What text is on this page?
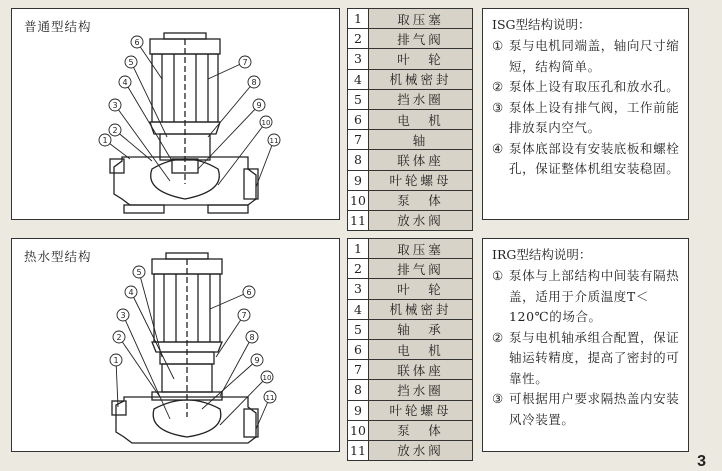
普通型结构
1
2
3
4
5
6
7
8
9
10
11
1	取压塞
2	排气阀
3	叶　轮
4	机械密封
5	挡水圈
6	电　机
7	轴
8	联体座
9	叶轮螺母
10	泵　体
11	放水阀
ISG型结构说明：
① 泵与电机同端盖，轴向尺寸缩短，结构简单。
② 泵体上设有取压孔和放水孔。
③ 泵体上设有排气阀，工作前能排放泵内空气。
④ 泵体底部设有安装底板和螺栓孔，保证整体机组安装稳固。
热水型结构
1
2
3
4
5
6
7
8
9
10
11
1	取压塞
2	排气阀
3	叶　轮
4	机械密封
5	轴　承
6	电　机
7	联体座
8	挡水圈
9	叶轮螺母
10	泵　体
11	放水阀
IRG型结构说明：
① 泵体与上部结构中间装有隔热盖，适用于介质温度T＜120℃的场合。
② 泵与电机轴承组合配置，保证轴运转精度，提高了密封的可靠性。
③ 可根据用户要求隔热盖内安装风冷装置。
3
